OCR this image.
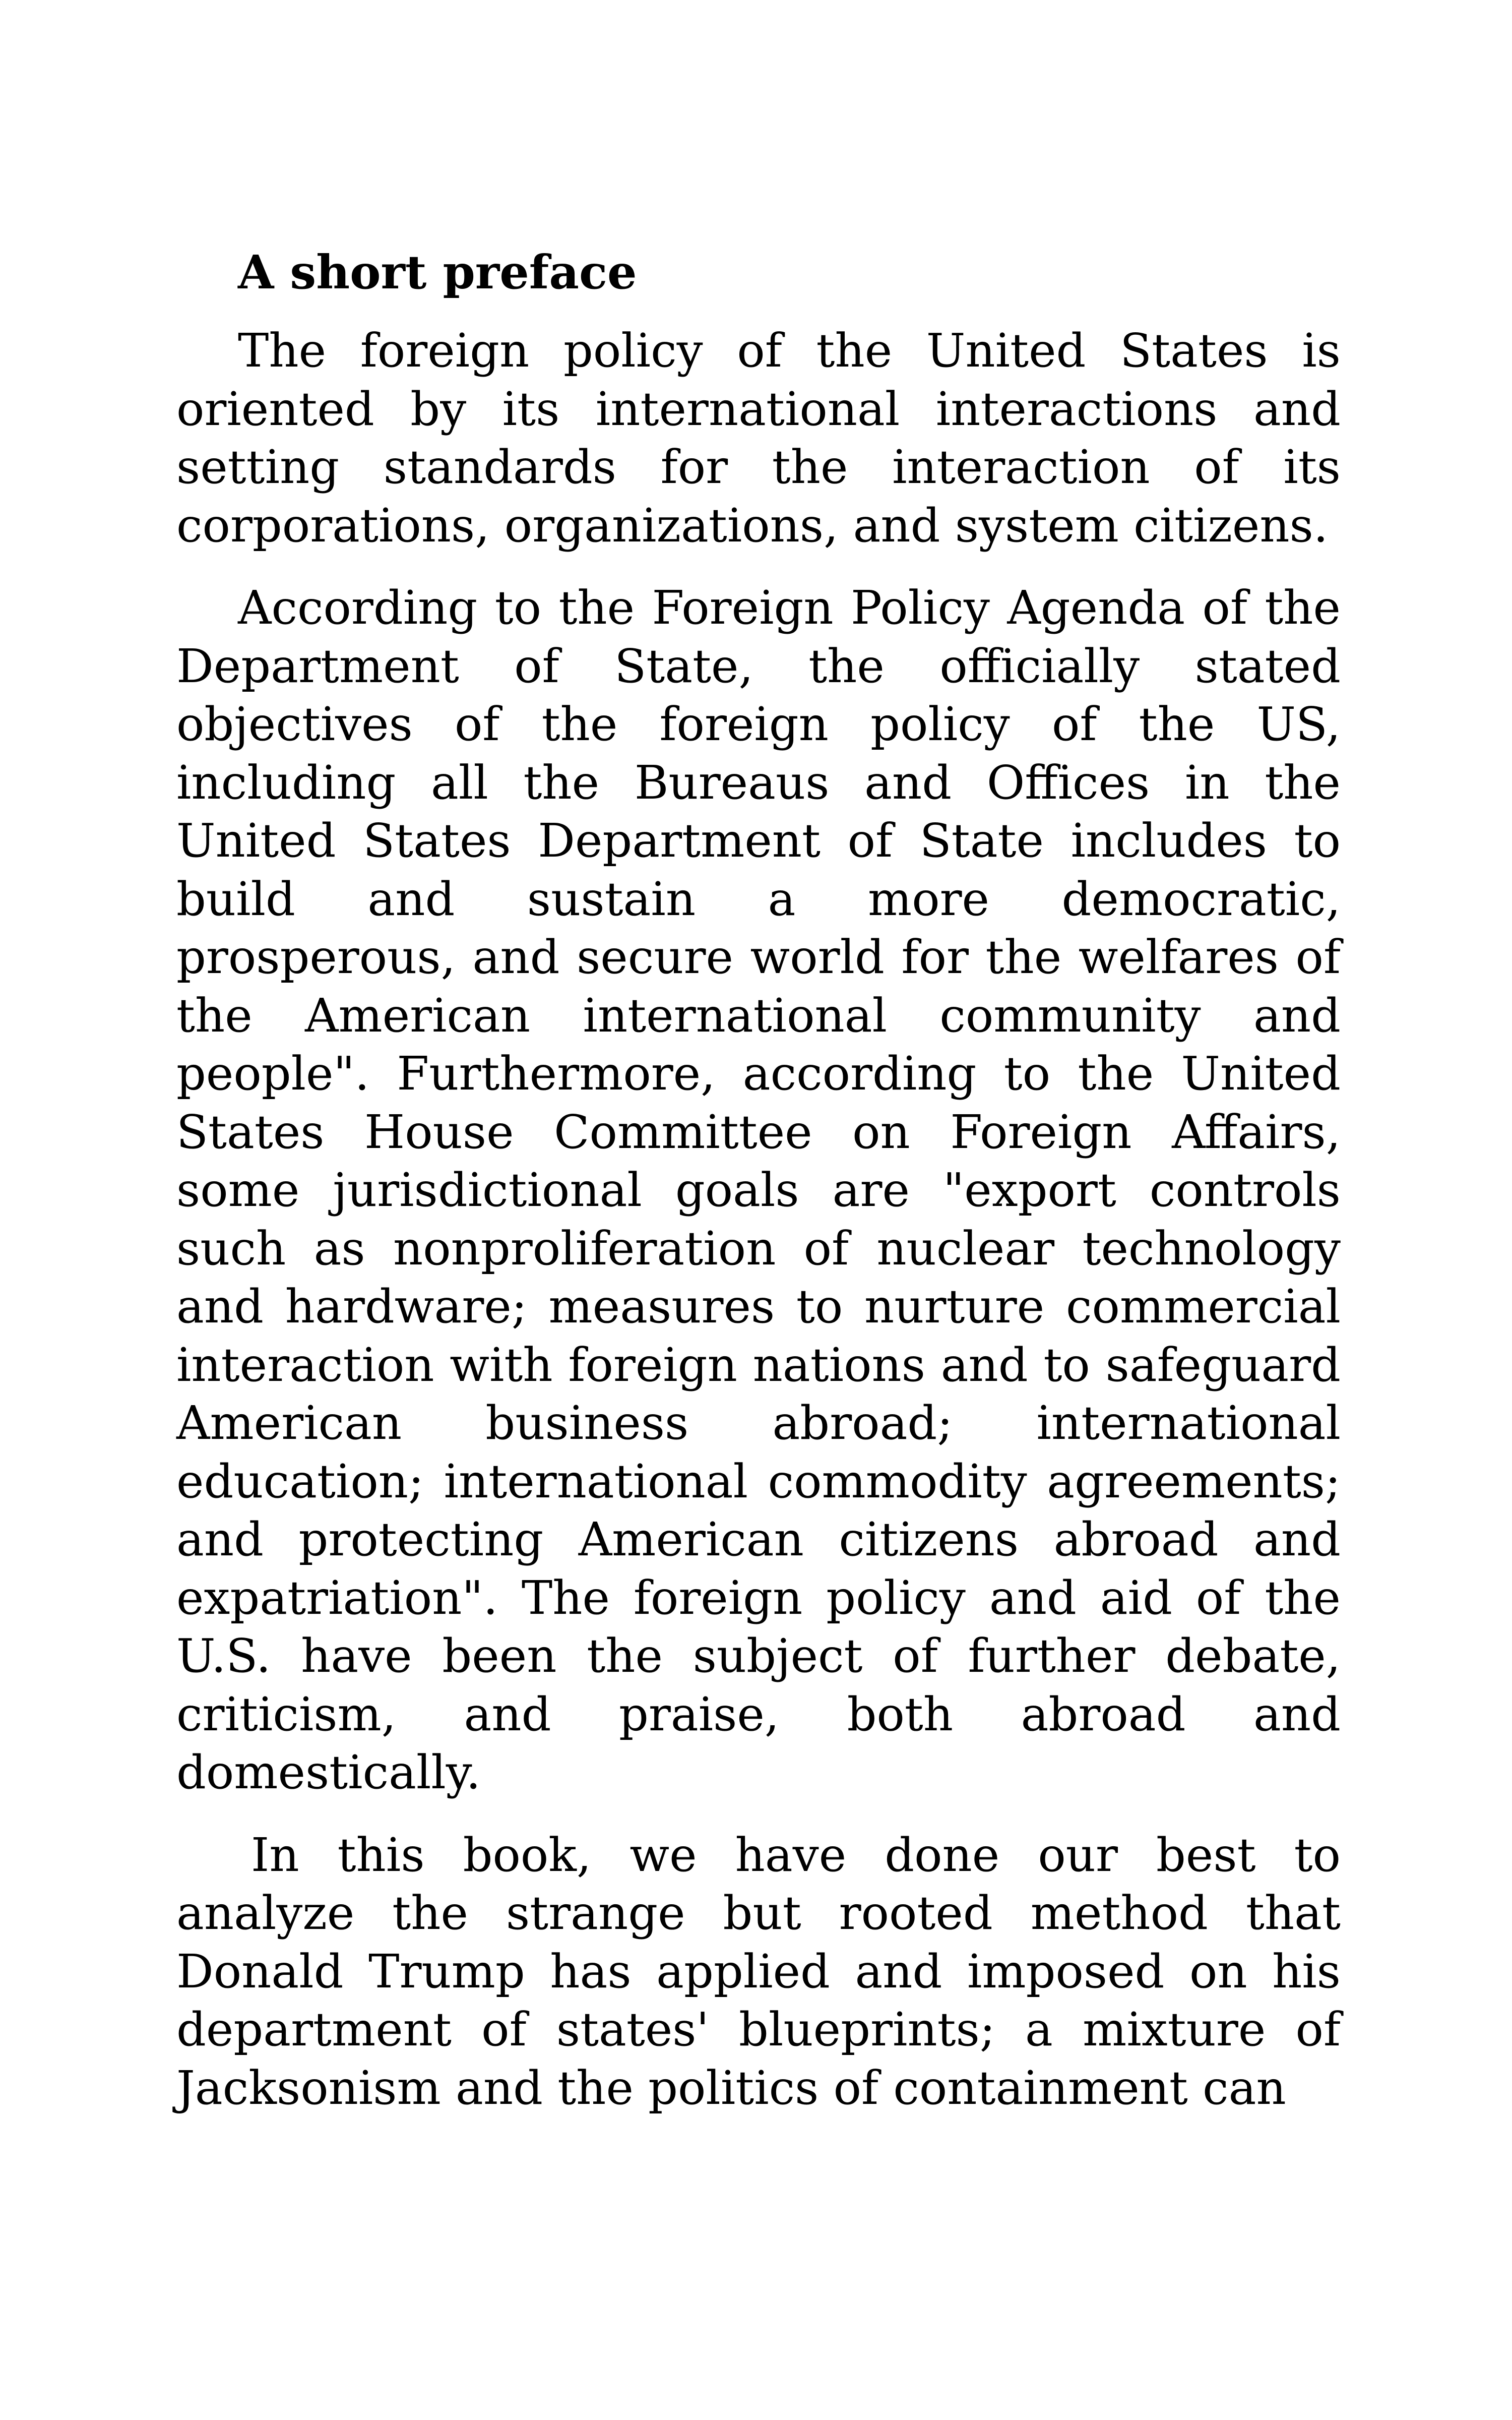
A short preface

The foreign policy of the United States is oriented by its international interactions and setting standards for the interaction of its corporations, organizations, and system citizens.

According to the Foreign Policy Agenda of the Department of State, the officially stated objectives of the foreign policy of the US, including all the Bureaus and Offices in the United States Department of State includes to build and sustain a more democratic, prosperous, and secure world for the welfares of the American international community and people". Furthermore, according to the United States House Committee on Foreign Affairs, some jurisdictional goals are "export controls such as nonproliferation of nuclear technology and hardware; measures to nurture commercial interaction with foreign nations and to safeguard American business abroad; international education; international commodity agreements; and protecting American citizens abroad and expatriation". The foreign policy and aid of the U.S. have been the subject of further debate, criticism, and praise, both abroad and domestically.

In this book, we have done our best to analyze the strange but rooted method that Donald Trump has applied and imposed on his department of states' blueprints; a mixture of Jacksonism and the politics of containment can
